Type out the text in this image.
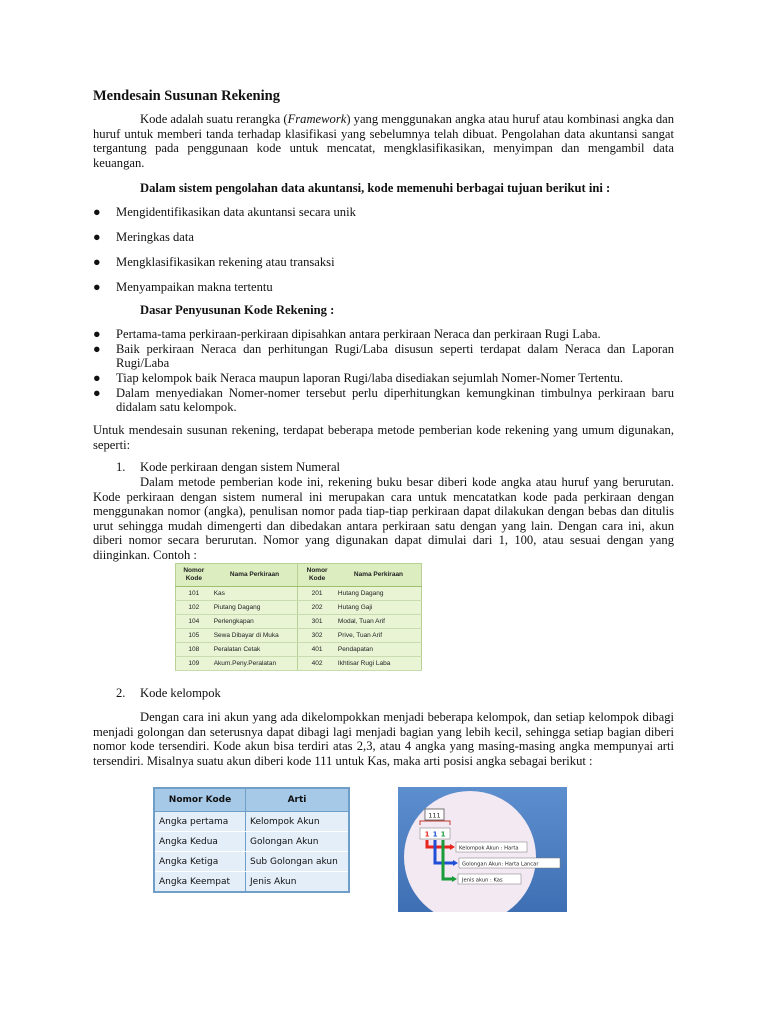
Mendesain Susunan Rekening

Kode adalah suatu rerangka (Framework) yang menggunakan angka atau huruf atau kombinasi angka dan huruf untuk memberi tanda terhadap klasifikasi yang sebelumnya telah dibuat. Pengolahan data akuntansi sangat tergantung pada penggunaan kode untuk mencatat, mengklasifikasikan, menyimpan dan mengambil data keuangan.

Dalam sistem pengolahan data akuntansi, kode memenuhi berbagai tujuan berikut ini :

●	Mengidentifikasikan data akuntansi secara unik
●	Meringkas data
●	Mengklasifikasikan rekening atau transaksi
●	Menyampaikan makna tertentu

Dasar Penyusunan Kode Rekening :

●	Pertama-tama perkiraan-perkiraan dipisahkan antara perkiraan Neraca dan perkiraan Rugi Laba.
●	Baik perkiraan Neraca dan perhitungan Rugi/Laba disusun seperti terdapat dalam Neraca dan Laporan Rugi/Laba
●	Tiap kelompok baik Neraca maupun laporan Rugi/laba disediakan sejumlah Nomer-Nomer Tertentu.
●	Dalam menyediakan Nomer-nomer tersebut perlu diperhitungkan kemungkinan timbulnya perkiraan baru didalam satu kelompok.

Untuk mendesain susunan rekening, terdapat beberapa metode pemberian kode rekening yang umum digunakan, seperti:

1. Kode perkiraan dengan sistem Numeral

Dalam metode pemberian kode ini, rekening buku besar diberi kode angka atau huruf yang berurutan. Kode perkiraan dengan sistem numeral ini merupakan cara untuk mencatatkan kode pada perkiraan dengan menggunakan nomor (angka), penulisan nomor pada tiap-tiap perkiraan dapat dilakukan dengan bebas dan ditulis urut sehingga mudah dimengerti dan dibedakan antara perkiraan satu dengan yang lain. Dengan cara ini, akun diberi nomor secara berurutan. Nomor yang digunakan dapat dimulai dari 1, 100, atau sesuai dengan yang diinginkan. Contoh :

Nomor Kode	Nama Perkiraan	Nomor Kode	Nama Perkiraan
101	Kas	201	Hutang Dagang
102	Piutang Dagang	202	Hutang Gaji
104	Perlengkapan	301	Modal, Tuan Arif
105	Sewa Dibayar di Muka	302	Prive, Tuan Arif
108	Peralatan Cetak	401	Pendapatan
109	Akum.Peny.Peralatan	402	Ikhtisar Rugi Laba

2. Kode kelompok

Dengan cara ini akun yang ada dikelompokkan menjadi beberapa kelompok, dan setiap kelompok dibagi menjadi golongan dan seterusnya dapat dibagi lagi menjadi bagian yang lebih kecil, sehingga setiap bagian diberi nomor kode tersendiri. Kode akun bisa terdiri atas 2,3, atau 4 angka yang masing-masing angka mempunyai arti tersendiri. Misalnya suatu akun diberi kode 111 untuk Kas, maka arti posisi angka sebagai berikut :

Nomor Kode	Arti
Angka pertama	Kelompok Akun
Angka Kedua	Golongan Akun
Angka Ketiga	Sub Golongan akun
Angka Keempat	Jenis Akun
111
1 1 1
Kelompok Akun : Harta
Golongan Akun: Harta Lancar
Jenis akun : Kas
